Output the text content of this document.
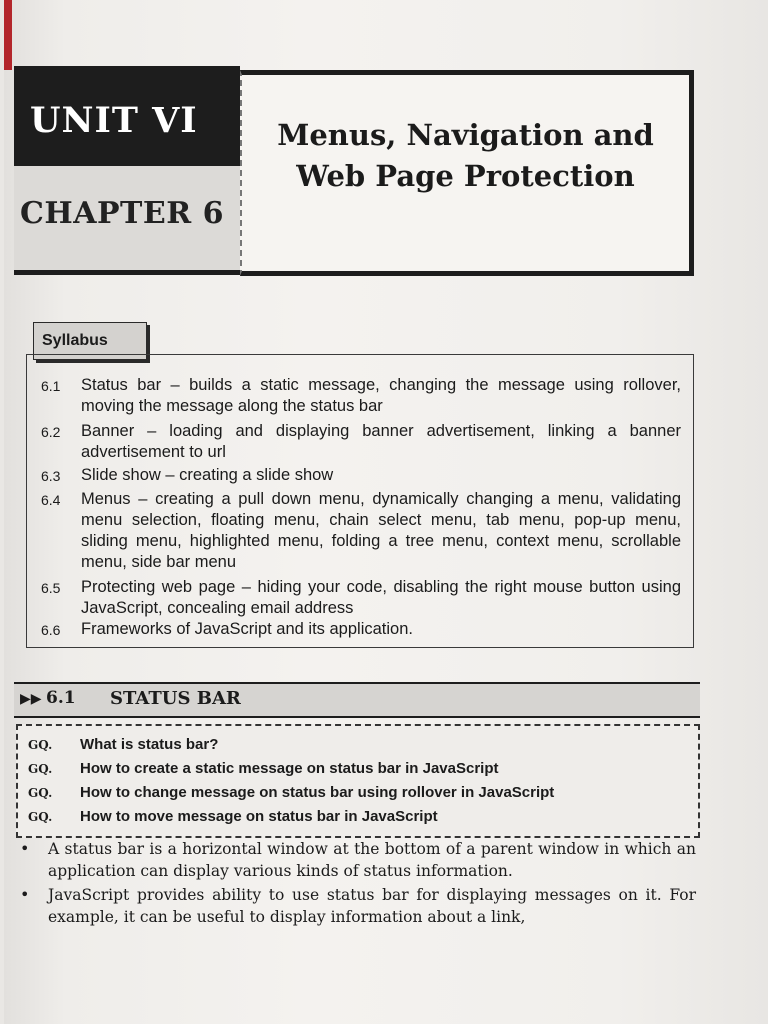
UNIT VI
CHAPTER 6
Menus, Navigation and Web Page Protection
Syllabus
6.1	Status bar – builds a static message, changing the message using rollover, moving the message along the status bar
6.2	Banner – loading and displaying banner advertisement, linking a banner advertisement to url
6.3	Slide show – creating a slide show
6.4	Menus – creating a pull down menu, dynamically changing a menu, validating menu selection, floating menu, chain select menu, tab menu, pop-up menu, sliding menu, highlighted menu, folding a tree menu, context menu, scrollable menu, side bar menu
6.5	Protecting web page – hiding your code, disabling the right mouse button using JavaScript, concealing email address
6.6	Frameworks of JavaScript and its application.
▶▶ 6.1 STATUS BAR
GQ.	What is status bar?
GQ.	How to create a static message on status bar in JavaScript
GQ.	How to change message on status bar using rollover in JavaScript
GQ.	How to move message on status bar in JavaScript
•	A status bar is a horizontal window at the bottom of a parent window in which an application can display various kinds of status information.
•	JavaScript provides ability to use status bar for displaying messages on it. For example, it can be useful to display information about a link,
